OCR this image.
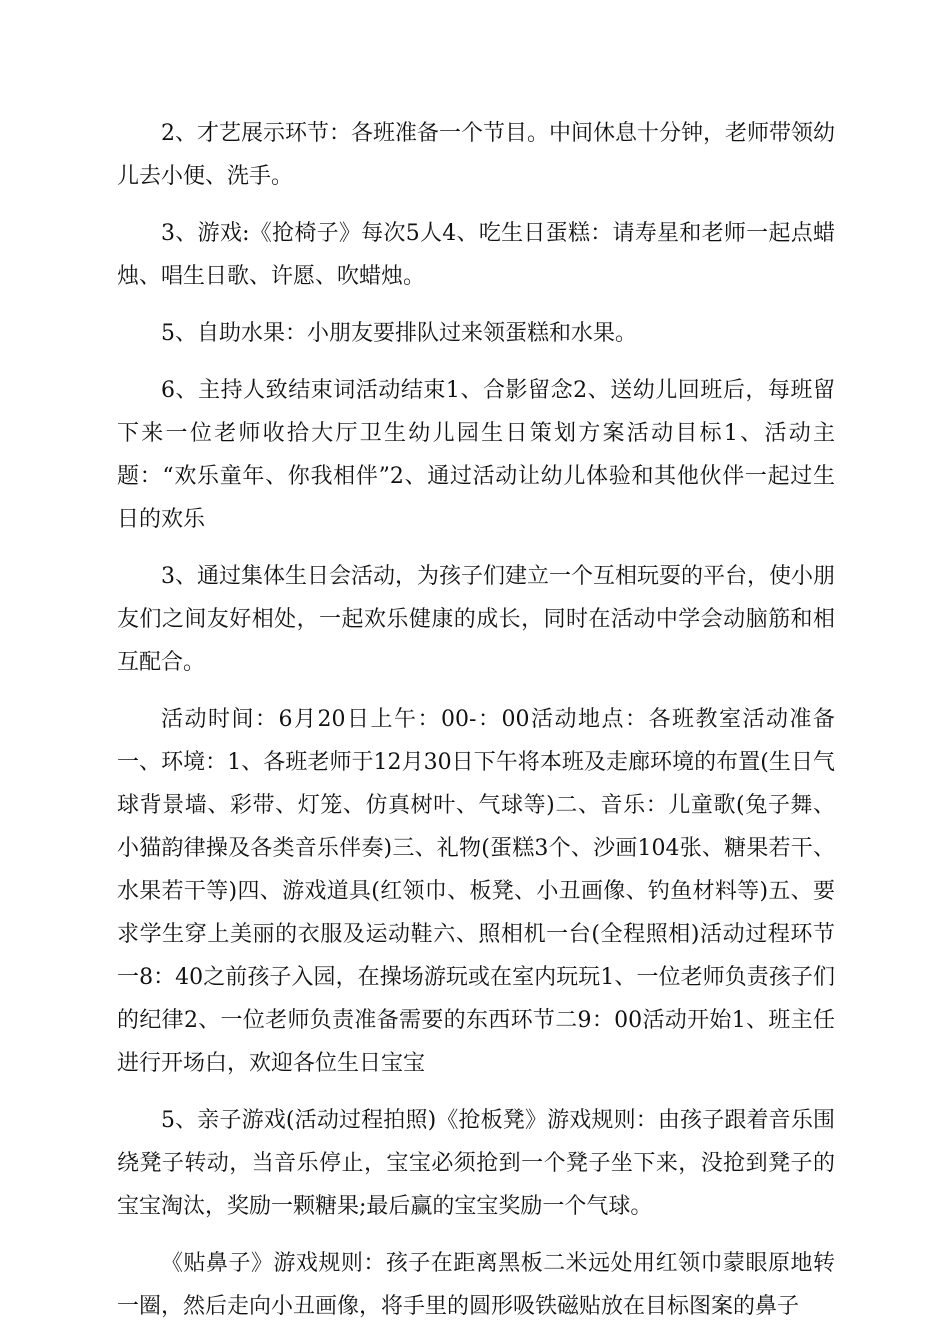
2、才艺展示环节：各班准备一个节目。中间休息十分钟，老师带领幼儿去小便、洗手。

3、游戏:《抢椅子》每次5人4、吃生日蛋糕：请寿星和老师一起点蜡烛、唱生日歌、许愿、吹蜡烛。

5、自助水果：小朋友要排队过来领蛋糕和水果。

6、主持人致结束词活动结束1、合影留念2、送幼儿回班后，每班留下来一位老师收拾大厅卫生幼儿园生日策划方案活动目标1、活动主题：“欢乐童年、你我相伴”2、通过活动让幼儿体验和其他伙伴一起过生日的欢乐

3、通过集体生日会活动，为孩子们建立一个互相玩耍的平台，使小朋友们之间友好相处，一起欢乐健康的成长，同时在活动中学会动脑筋和相互配合。

活动时间：6月20日上午：00-：00活动地点：各班教室活动准备一、环境：1、各班老师于12月30日下午将本班及走廊环境的布置(生日气球背景墙、彩带、灯笼、仿真树叶、气球等)二、音乐：儿童歌(兔子舞、小猫韵律操及各类音乐伴奏)三、礼物(蛋糕3个、沙画104张、糖果若干、水果若干等)四、游戏道具(红领巾、板凳、小丑画像、钓鱼材料等)五、要求学生穿上美丽的衣服及运动鞋六、照相机一台(全程照相)活动过程环节一8：40之前孩子入园，在操场游玩或在室内玩玩1、一位老师负责孩子们的纪律2、一位老师负责准备需要的东西环节二9：00活动开始1、班主任进行开场白，欢迎各位生日宝宝

5、亲子游戏(活动过程拍照)《抢板凳》游戏规则：由孩子跟着音乐围绕凳子转动，当音乐停止，宝宝必须抢到一个凳子坐下来，没抢到凳子的宝宝淘汰，奖励一颗糖果;最后赢的宝宝奖励一个气球。

《贴鼻子》游戏规则：孩子在距离黑板二米远处用红领巾蒙眼原地转一圈，然后走向小丑画像，将手里的圆形吸铁磁贴放在目标图案的鼻子
